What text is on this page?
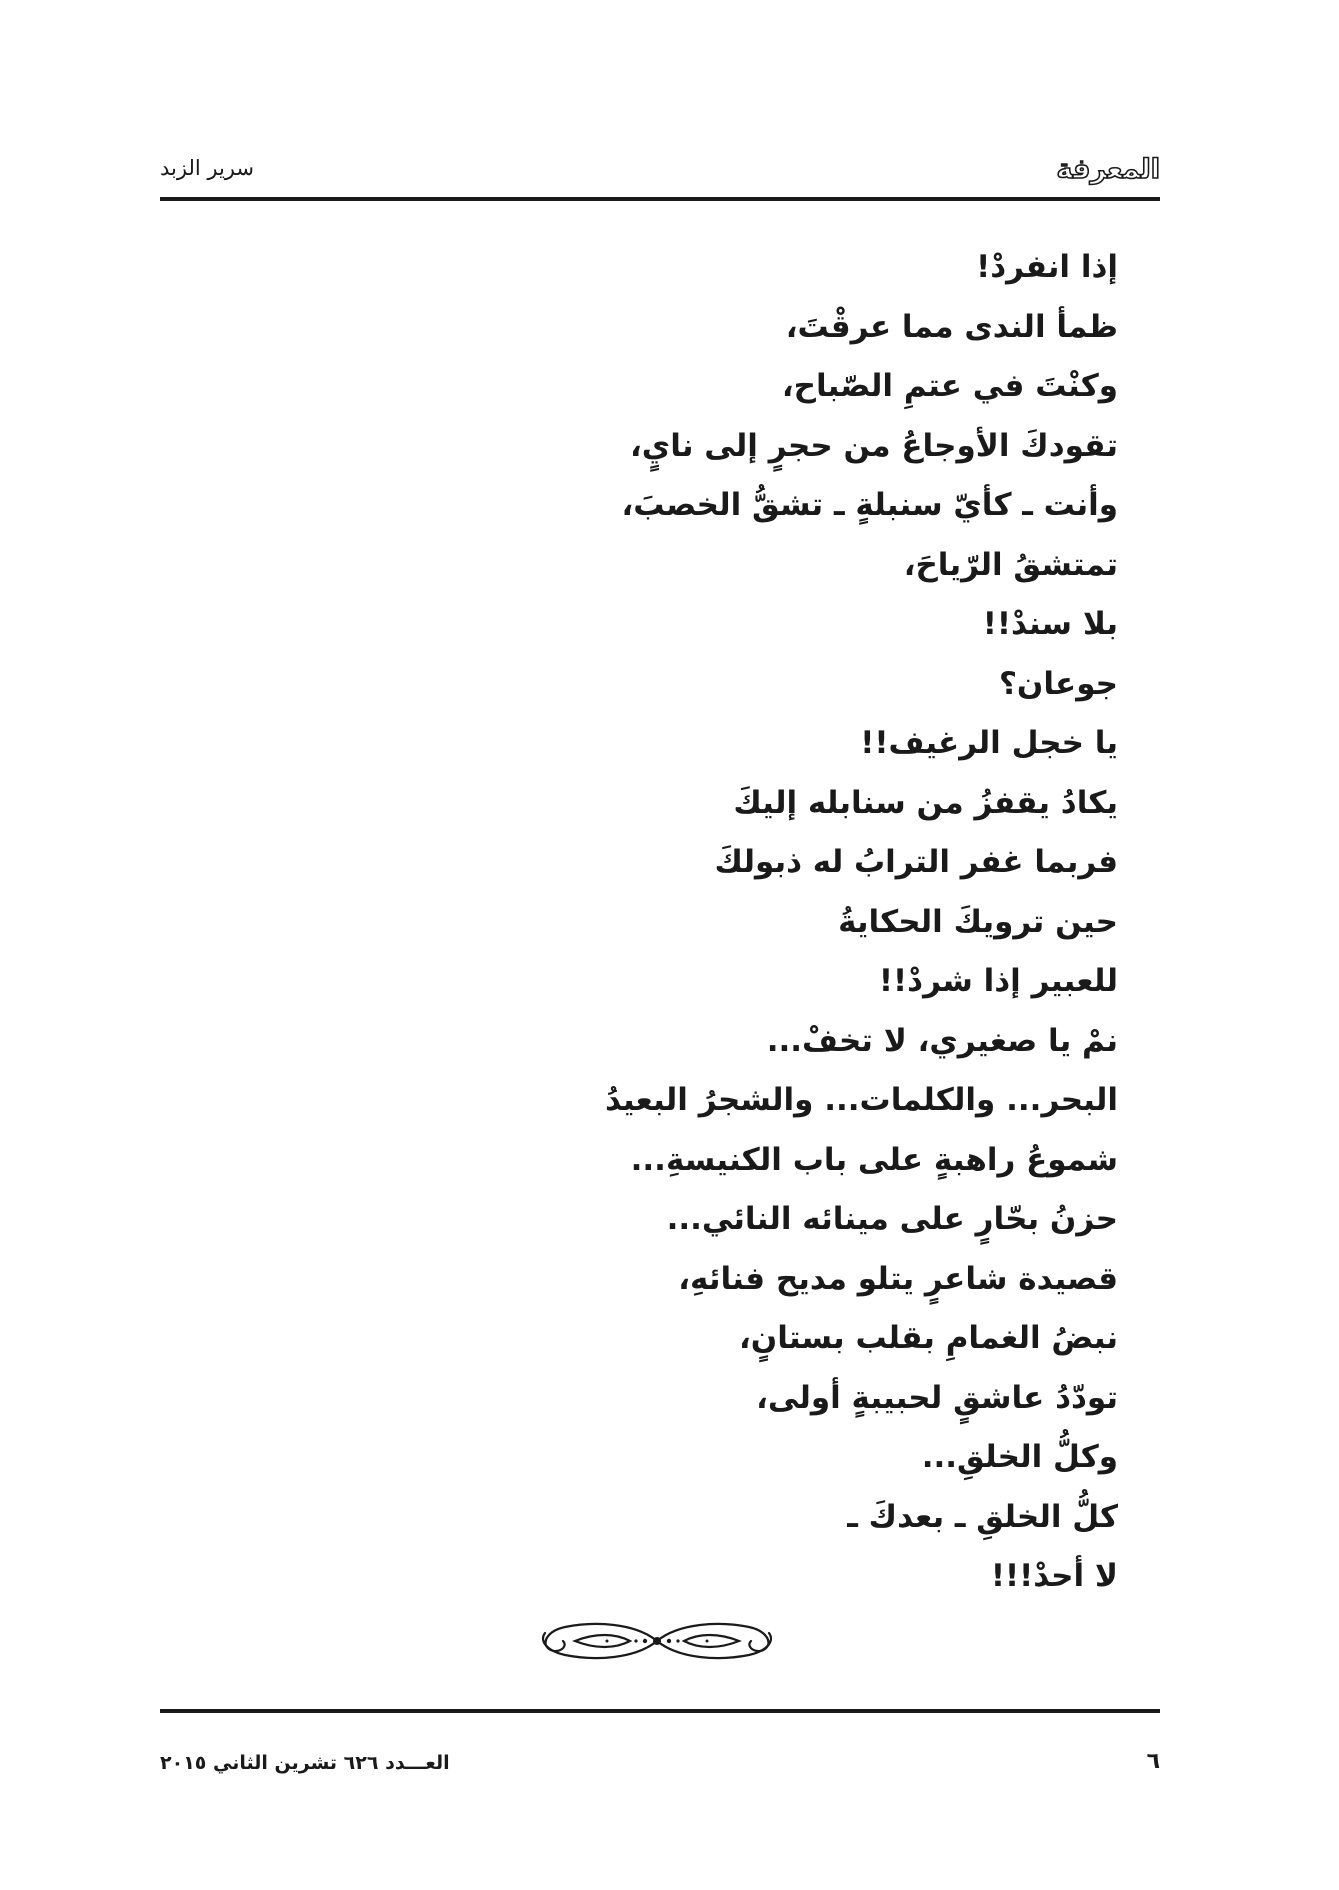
المعرفة
سرير الزبد
إذا انفردْ!
ظمأ الندى مما عرقْتَ،
وكنْتَ في عتمِ الصّباح،
تقودكَ الأوجاعُ من حجرٍ إلى نايٍ،
وأنت ـ كأيّ سنبلةٍ ـ تشقُّ الخصبَ،
تمتشقُ الرّياحَ،
بلا سندْ!!
جوعان؟
يا خجل الرغيف!!
يكادُ يقفزُ من سنابله إليكَ
فربما غفر الترابُ له ذبولكَ
حين ترويكَ الحكايةُ
للعبير إذا شردْ!!
نمْ يا صغيري، لا تخفْ...
البحر... والكلمات... والشجرُ البعيدُ
شموعُ راهبةٍ على باب الكنيسةِ...
حزنُ بحّارٍ على مينائه النائي...
قصيدة شاعرٍ يتلو مديح فنائهِ،
نبضُ الغمامِ بقلب بستانٍ،
تودّدُ عاشقٍ لحبيبةٍ أولى،
وكلُّ الخلقِ...
كلُّ الخلقِ ـ بعدكَ ـ
لا أحدْ!!!
العـــدد ٦٢٦ تشرين الثاني ٢٠١٥	٦
